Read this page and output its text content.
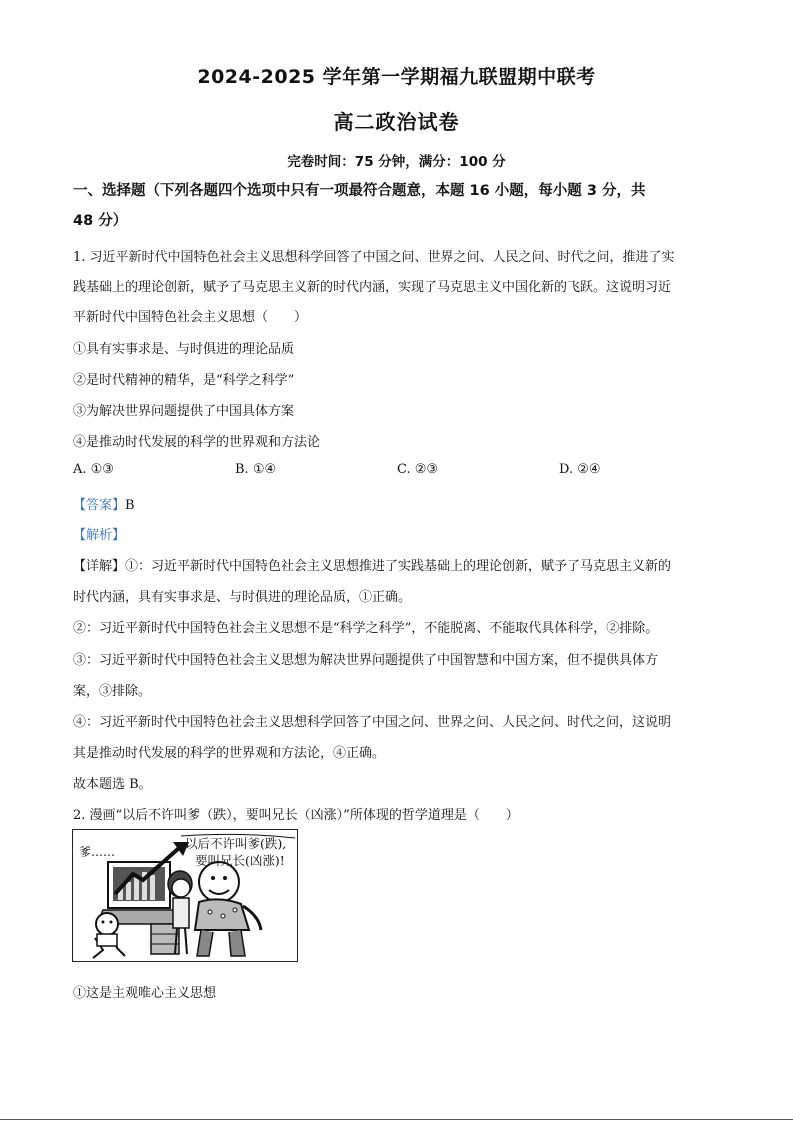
2024-2025 学年第一学期福九联盟期中联考
高二政治试卷
完卷时间：75 分钟，满分：100 分
一、选择题（下列各题四个选项中只有一项最符合题意，本题 16 小题，每小题 3 分，共
48 分）
1. 习近平新时代中国特色社会主义思想科学回答了中国之问、世界之问、人民之问、时代之问，推进了实
践基础上的理论创新，赋予了马克思主义新的时代内涵，实现了马克思主义中国化新的飞跃。这说明习近
平新时代中国特色社会主义思想（　　）
①具有实事求是、与时俱进的理论品质
②是时代精神的精华，是“科学之科学”
③为解决世界问题提供了中国具体方案
④是推动时代发展的科学的世界观和方法论
A. ①③	B. ①④	C. ②③	D. ②④
【答案】B
【解析】
【详解】①：习近平新时代中国特色社会主义思想推进了实践基础上的理论创新，赋予了马克思主义新的
时代内涵，具有实事求是、与时俱进的理论品质，①正确。
②：习近平新时代中国特色社会主义思想不是“科学之科学”，不能脱离、不能取代具体科学，②排除。
③：习近平新时代中国特色社会主义思想为解决世界问题提供了中国智慧和中国方案，但不提供具体方
案，③排除。
④：习近平新时代中国特色社会主义思想科学回答了中国之问、世界之问、人民之问、时代之问，这说明
其是推动时代发展的科学的世界观和方法论，④正确。
故本题选 B。
2. 漫画“以后不许叫爹（跌），要叫兄长（凶涨）”所体现的哲学道理是（　　）
爹……
以后不许叫爹(跌),
要叫兄长(凶涨)!
①这是主观唯心主义思想
